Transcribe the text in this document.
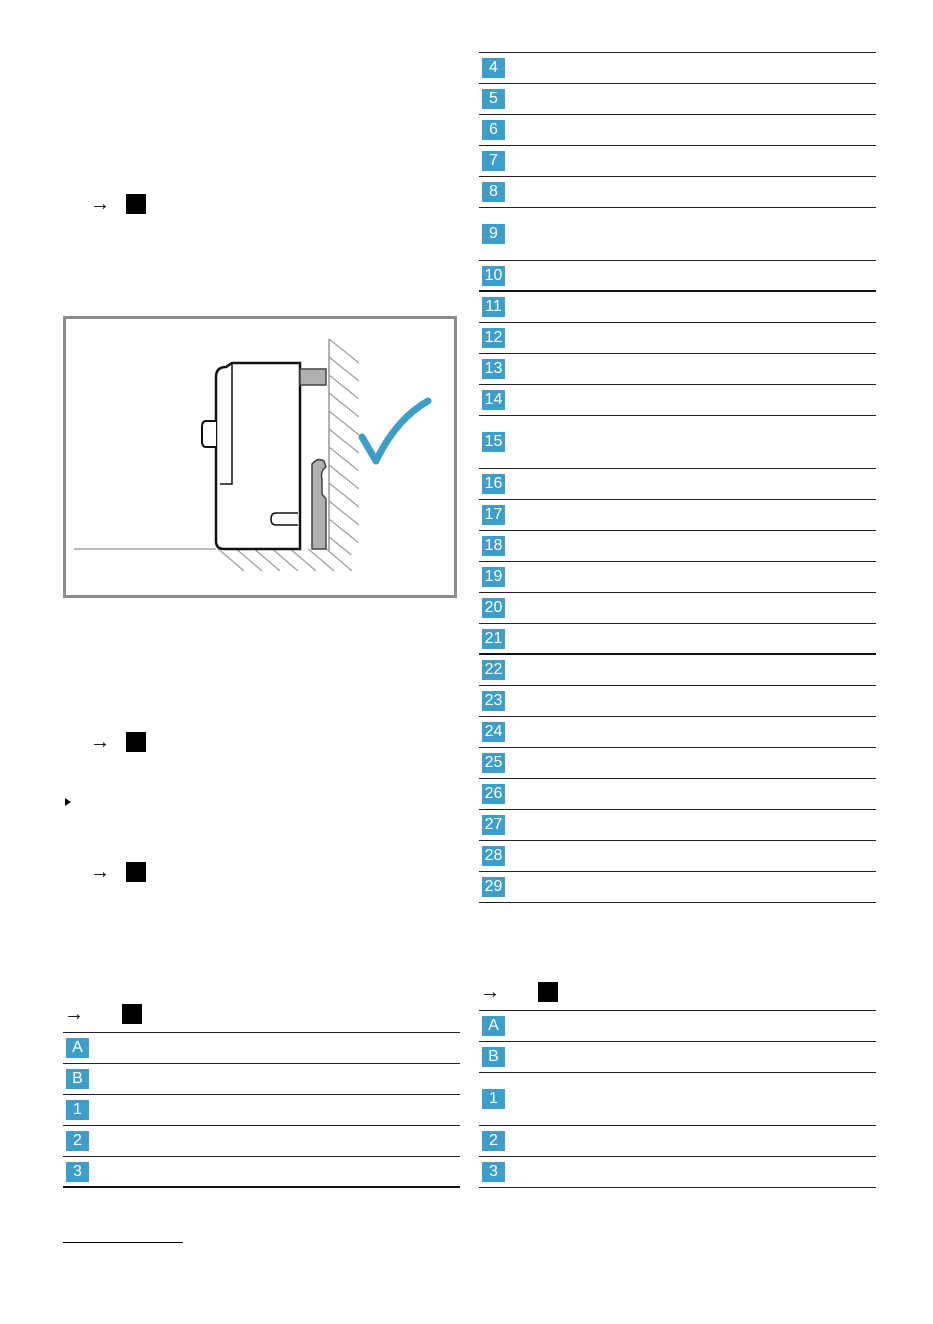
→
→
→
→
A
B
1
2
3
4
5
6
7
8
9
10
11
12
13
14
15
16
17
18
19
20
21
22
23
24
25
26
27
28
29
→
A
B
1
2
3
